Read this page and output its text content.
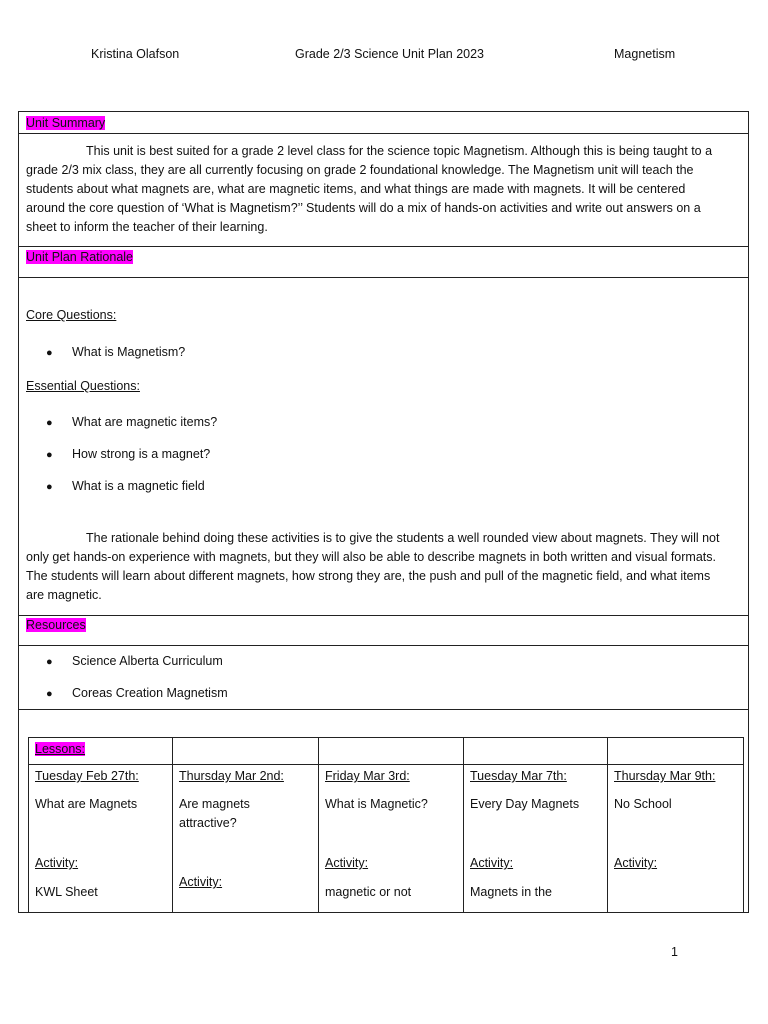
Kristina Olafson	Grade 2/3 Science Unit Plan 2023	Magnetism
Unit Summary
This unit is best suited for a grade 2 level class for the science topic Magnetism. Although this is being taught to a
grade 2/3 mix class, they are all currently focusing on grade 2 foundational knowledge. The Magnetism unit will teach the
students about what magnets are, what are magnetic items, and what things are made with magnets. It will be centered
around the core question of ‘What is Magnetism?’’ Students will do a mix of hands-on activities and write out answers on a
sheet to inform the teacher of their learning.
Unit Plan Rationale
Core Questions:
● What is Magnetism?
Essential Questions:
● What are magnetic items?
● How strong is a magnet?
● What is a magnetic field
The rationale behind doing these activities is to give the students a well rounded view about magnets. They will not
only get hands-on experience with magnets, but they will also be able to describe magnets in both written and visual formats.
The students will learn about different magnets, how strong they are, the push and pull of the magnetic field, and what items
are magnetic.
Resources
● Science Alberta Curriculum
● Coreas Creation Magnetism
Lessons:
Tuesday Feb 27th:
What are Magnets
Activity:
KWL Sheet
Thursday Mar 2nd:
Are magnets
attractive?
Activity:
Friday Mar 3rd:
What is Magnetic?
Activity:
magnetic or not
Tuesday Mar 7th:
Every Day Magnets
Activity:
Magnets in the
Thursday Mar 9th:
No School
Activity:
1
